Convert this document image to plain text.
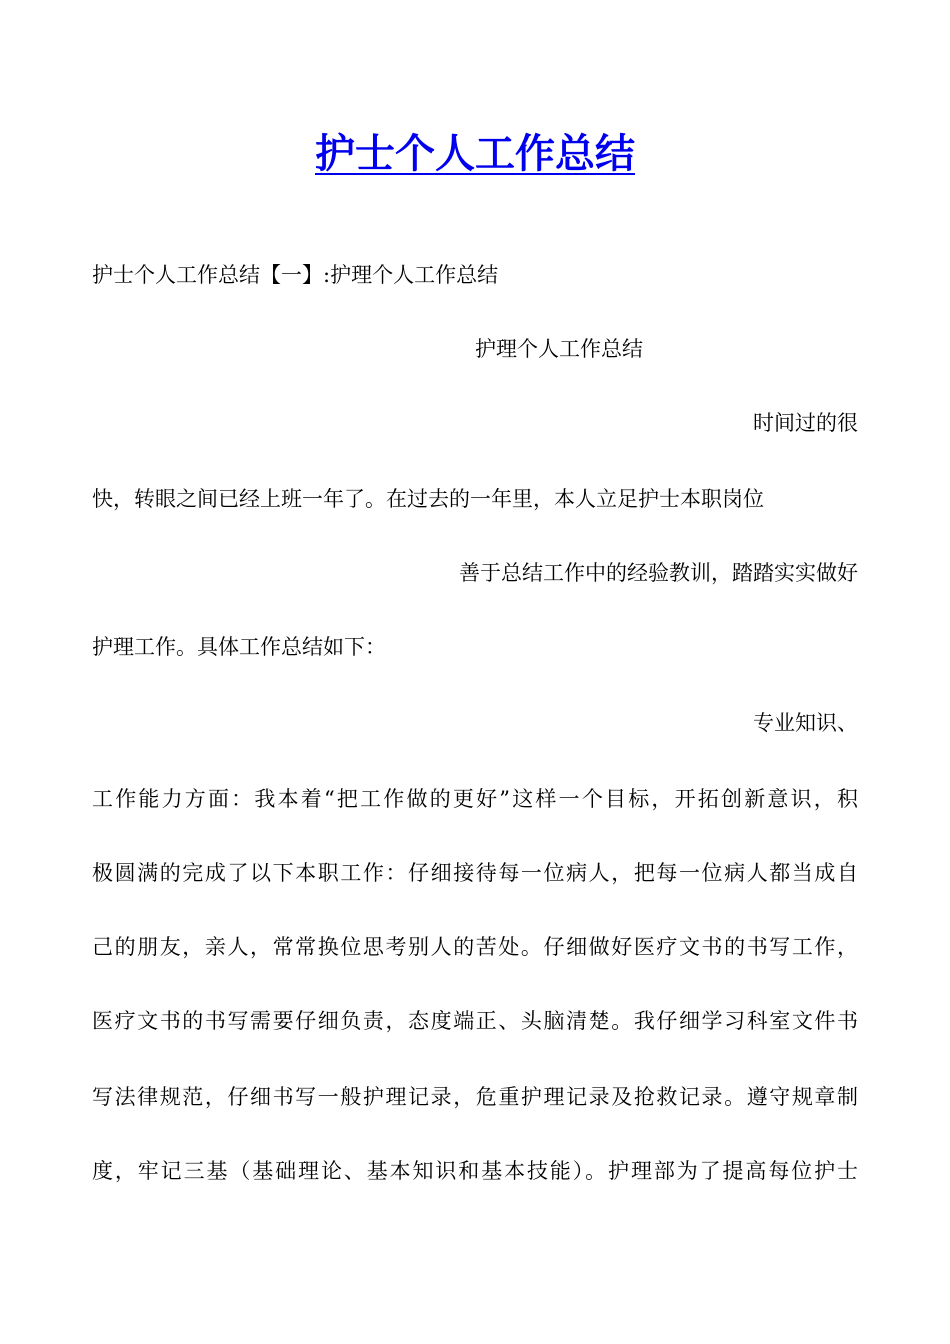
护士个人工作总结
护士个人工作总结【一】:护理个人工作总结
护理个人工作总结
时间过的很
快，转眼之间已经上班一年了。在过去的一年里，本人立足护士本职岗位
善于总结工作中的经验教训，踏踏实实做好
护理工作。具体工作总结如下：
专业知识、
工作能力方面：我本着“把工作做的更好”这样一个目标，开拓创新意识，积
极圆满的完成了以下本职工作：仔细接待每一位病人，把每一位病人都当成自
己的朋友，亲人，常常换位思考别人的苦处。仔细做好医疗文书的书写工作，
医疗文书的书写需要仔细负责，态度端正、头脑清楚。我仔细学习科室文件书
写法律规范，仔细书写一般护理记录，危重护理记录及抢救记录。遵守规章制
度，牢记三基（基础理论、基本知识和基本技能）。护理部为了提高每位护士
